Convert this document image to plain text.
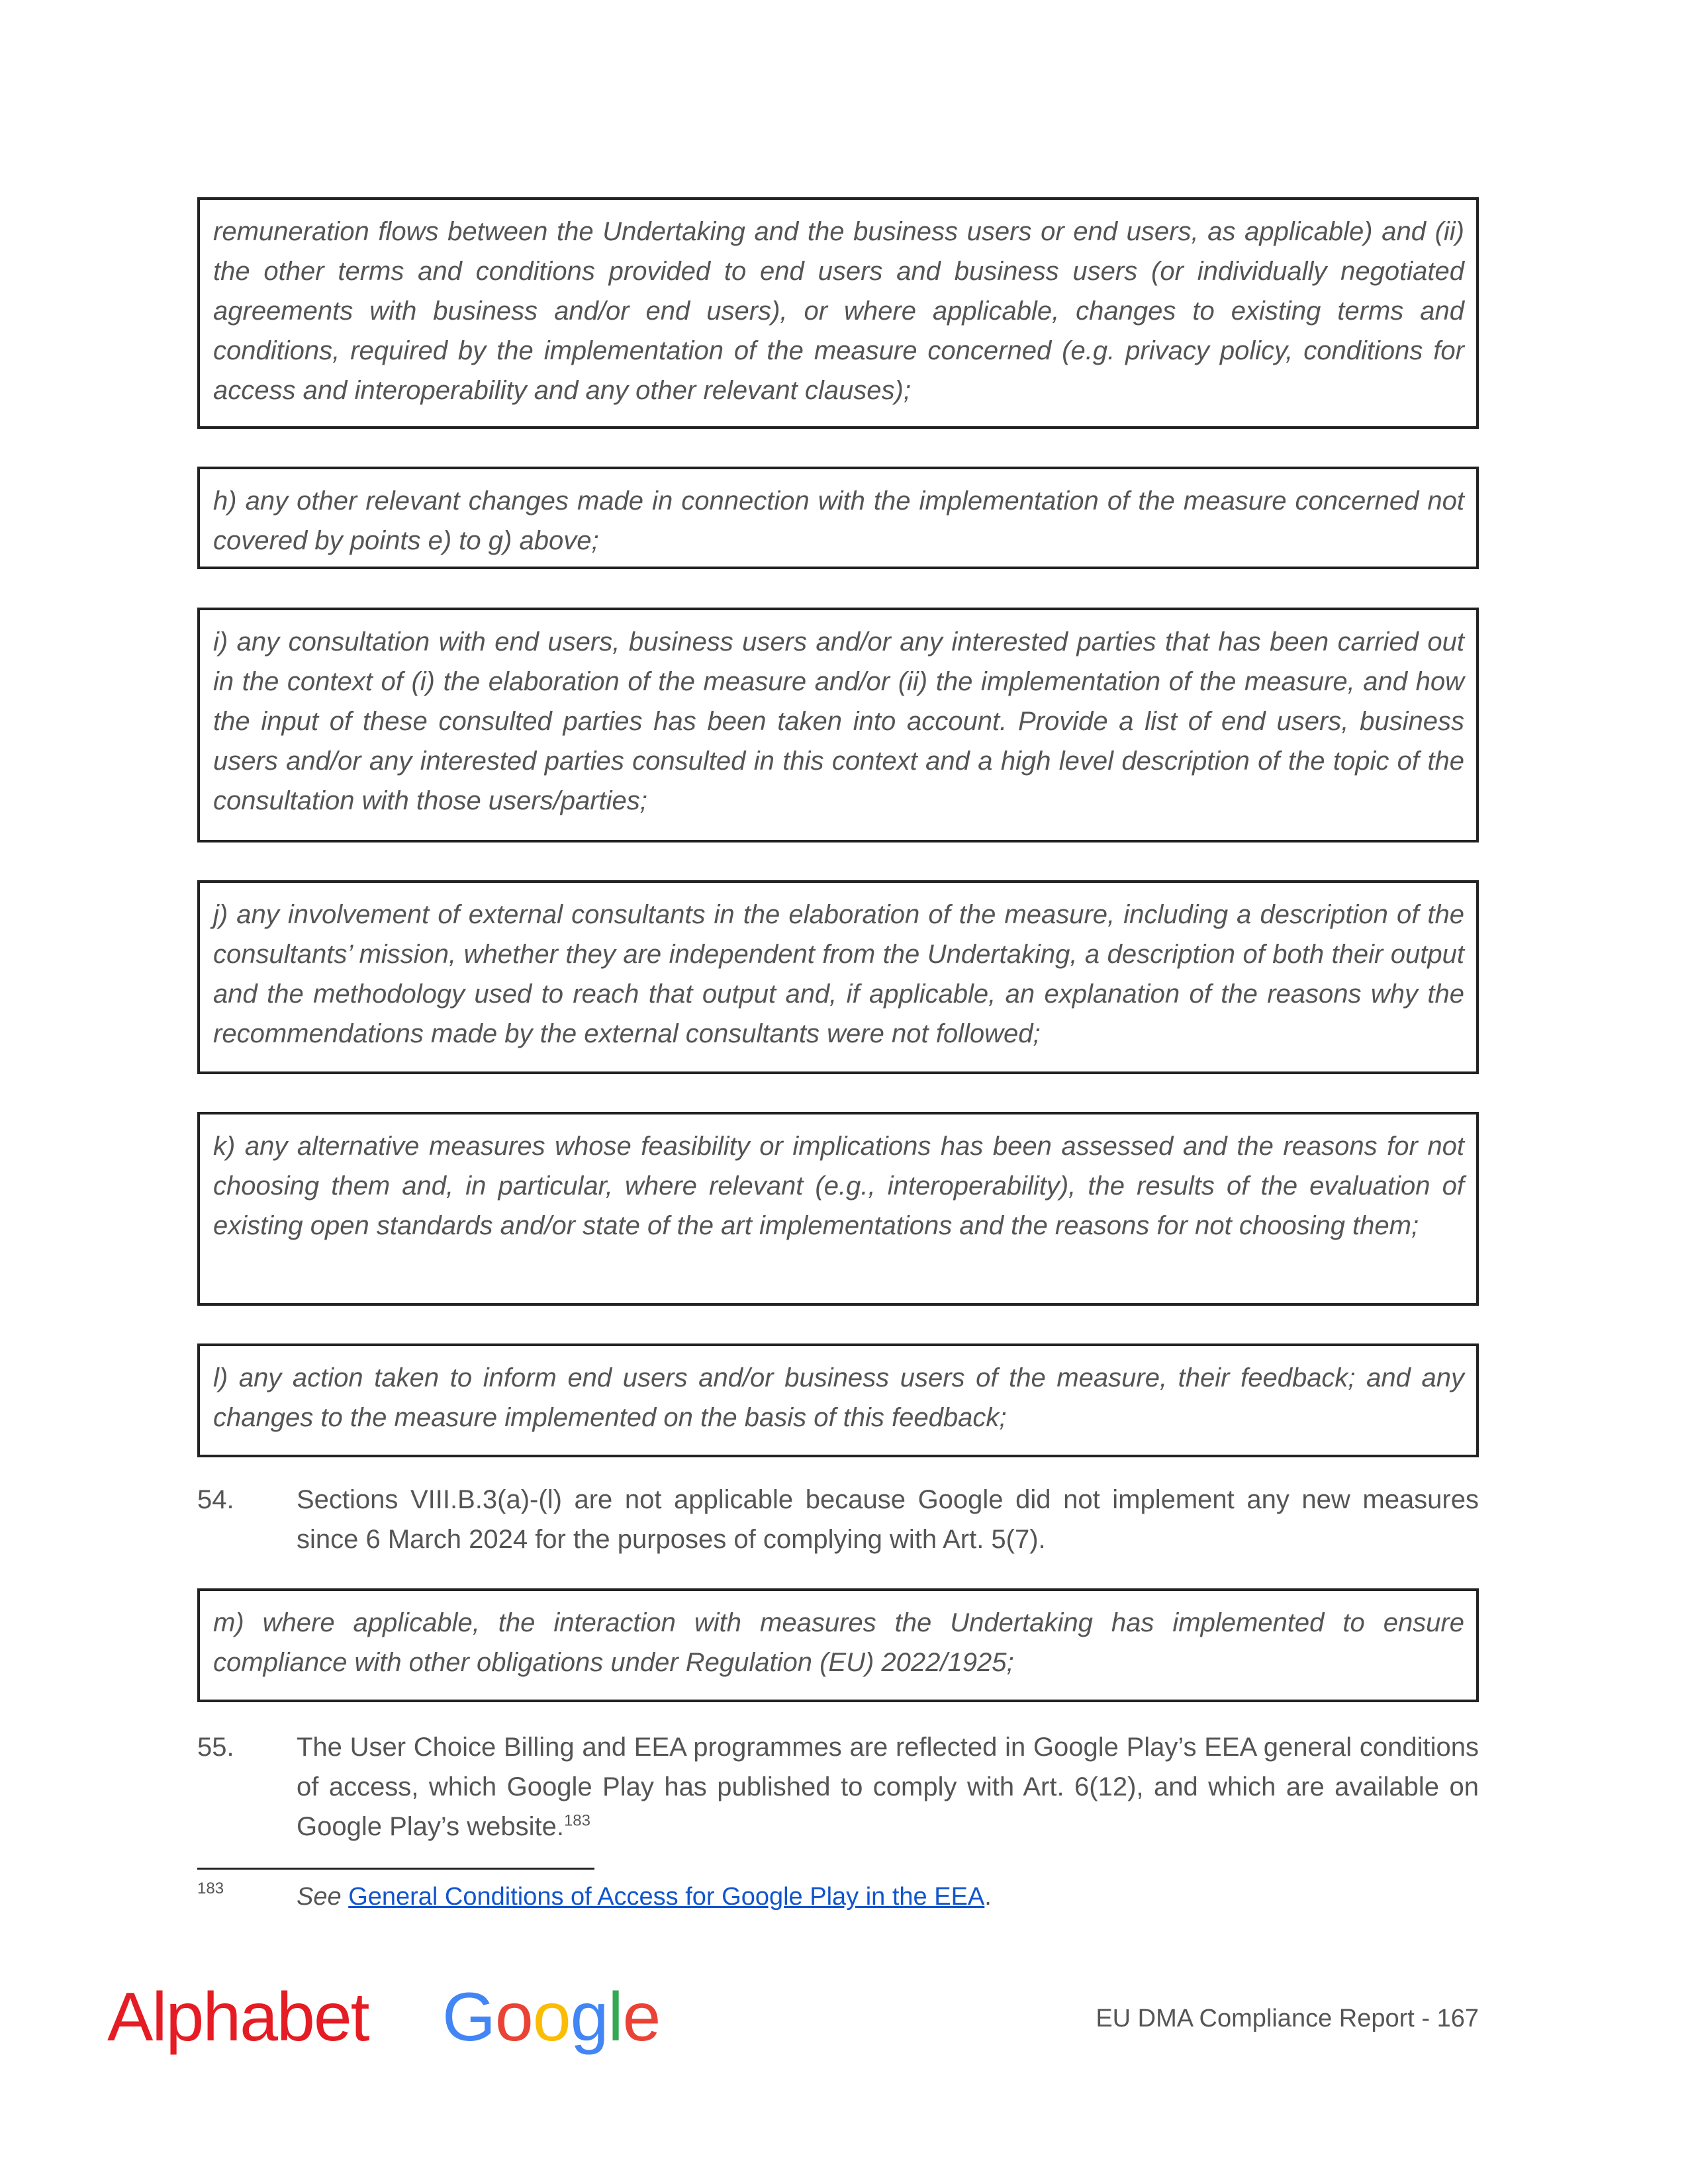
remuneration flows between the Undertaking and the business users or end users, as applicable) and (ii) the other terms and conditions provided to end users and business users (or individually negotiated agreements with business and/or end users), or where applicable, changes to existing terms and conditions, required by the implementation of the measure concerned (e.g. privacy policy, conditions for access and interoperability and any other relevant clauses);
h) any other relevant changes made in connection with the implementation of the measure concerned not covered by points e) to g) above;
i) any consultation with end users, business users and/or any interested parties that has been carried out in the context of (i) the elaboration of the measure and/or (ii) the implementation of the measure, and how the input of these consulted parties has been taken into account. Provide a list of end users, business users and/or any interested parties consulted in this context and a high level description of the topic of the consultation with those users/parties;
j) any involvement of external consultants in the elaboration of the measure, including a description of the consultants’ mission, whether they are independent from the Undertaking, a description of both their output and the methodology used to reach that output and, if applicable, an explanation of the reasons why the recommendations made by the external consultants were not followed;
k) any alternative measures whose feasibility or implications has been assessed and the reasons for not choosing them and, in particular, where relevant (e.g., interoperability), the results of the evaluation of existing open standards and/or state of the art implementations and the reasons for not choosing them;
l) any action taken to inform end users and/or business users of the measure, their feedback; and any changes to the measure implemented on the basis of this feedback;
54. Sections VIII.B.3(a)-(l) are not applicable because Google did not implement any new measures since 6 March 2024 for the purposes of complying with Art. 5(7).
m) where applicable, the interaction with measures the Undertaking has implemented to ensure compliance with other obligations under Regulation (EU) 2022/1925;
55. The User Choice Billing and EEA programmes are reflected in Google Play’s EEA general conditions of access, which Google Play has published to comply with Art. 6(12), and which are available on Google Play’s website.$^{183}$
183	See General Conditions of Access for Google Play in the EEA.
Alphabet Google	EU DMA Compliance Report - 167
